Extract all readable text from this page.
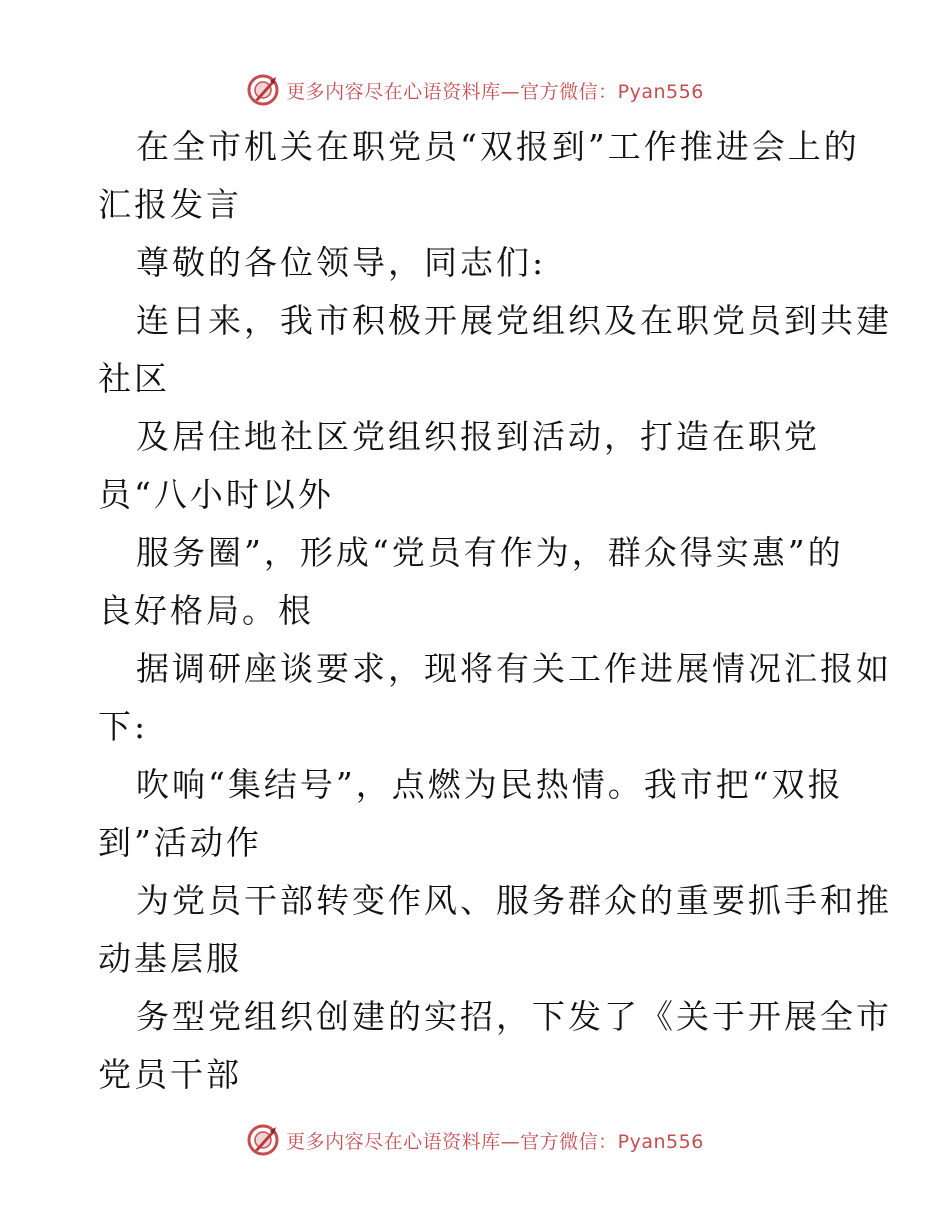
更多内容尽在心语资料库—官方微信：Pyan556
在全市机关在职党员“双报到”工作推进会上的
汇报发言
尊敬的各位领导，同志们:
连日来，我市积极开展党组织及在职党员到共建
社区
及居住地社区党组织报到活动，打造在职党
员“八小时以外
服务圈”，形成“党员有作为，群众得实惠”的
良好格局。根
据调研座谈要求，现将有关工作进展情况汇报如
下:
吹响“集结号”，点燃为民热情。我市把“双报
到”活动作
为党员干部转变作风、服务群众的重要抓手和推
动基层服
务型党组织创建的实招，下发了《关于开展全市
党员干部
更多内容尽在心语资料库—官方微信：Pyan556
